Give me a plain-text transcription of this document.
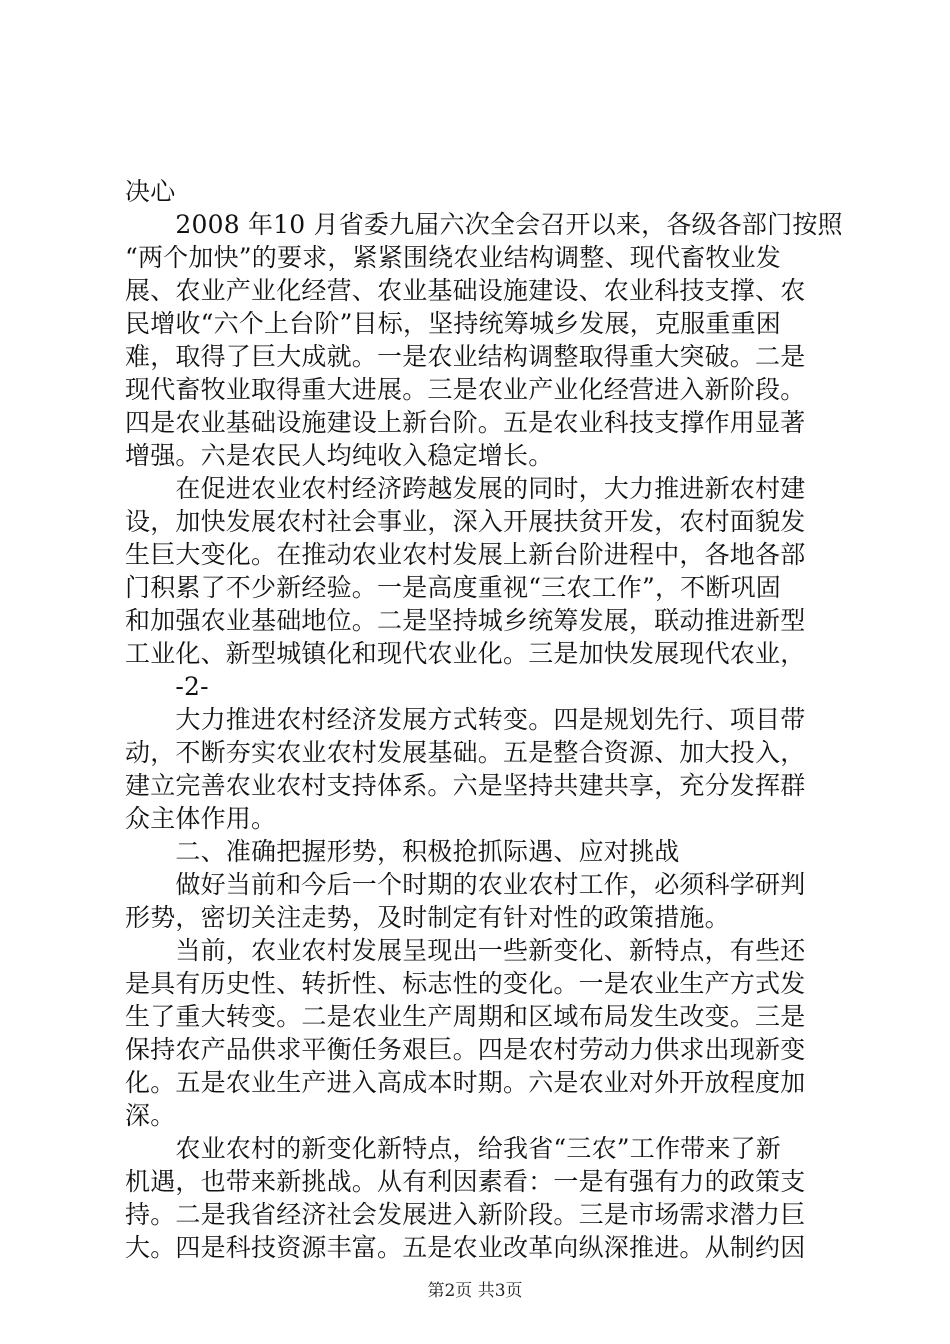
决心
　　2008 年10 月省委九届六次全会召开以来，各级各部门按照
“两个加快”的要求，紧紧围绕农业结构调整、现代畜牧业发
展、农业产业化经营、农业基础设施建设、农业科技支撑、农
民增收“六个上台阶”目标，坚持统筹城乡发展，克服重重困
难，取得了巨大成就。一是农业结构调整取得重大突破。二是
现代畜牧业取得重大进展。三是农业产业化经营进入新阶段。
四是农业基础设施建设上新台阶。五是农业科技支撑作用显著
增强。六是农民人均纯收入稳定增长。
　　在促进农业农村经济跨越发展的同时，大力推进新农村建
设，加快发展农村社会事业，深入开展扶贫开发，农村面貌发
生巨大变化。在推动农业农村发展上新台阶进程中，各地各部
门积累了不少新经验。一是高度重视“三农工作”，不断巩固
和加强农业基础地位。二是坚持城乡统筹发展，联动推进新型
工业化、新型城镇化和现代农业化。三是加快发展现代农业，
　　-2-
　　大力推进农村经济发展方式转变。四是规划先行、项目带
动，不断夯实农业农村发展基础。五是整合资源、加大投入，
建立完善农业农村支持体系。六是坚持共建共享，充分发挥群
众主体作用。
　　二、准确把握形势，积极抢抓际遇、应对挑战
　　做好当前和今后一个时期的农业农村工作，必须科学研判
形势，密切关注走势，及时制定有针对性的政策措施。
　　当前，农业农村发展呈现出一些新变化、新特点，有些还
是具有历史性、转折性、标志性的变化。一是农业生产方式发
生了重大转变。二是农业生产周期和区域布局发生改变。三是
保持农产品供求平衡任务艰巨。四是农村劳动力供求出现新变
化。五是农业生产进入高成本时期。六是农业对外开放程度加
深。
　　农业农村的新变化新特点，给我省“三农”工作带来了新
机遇，也带来新挑战。从有利因素看：一是有强有力的政策支
持。二是我省经济社会发展进入新阶段。三是市场需求潜力巨
大。四是科技资源丰富。五是农业改革向纵深推进。从制约因
第2页 共3页
